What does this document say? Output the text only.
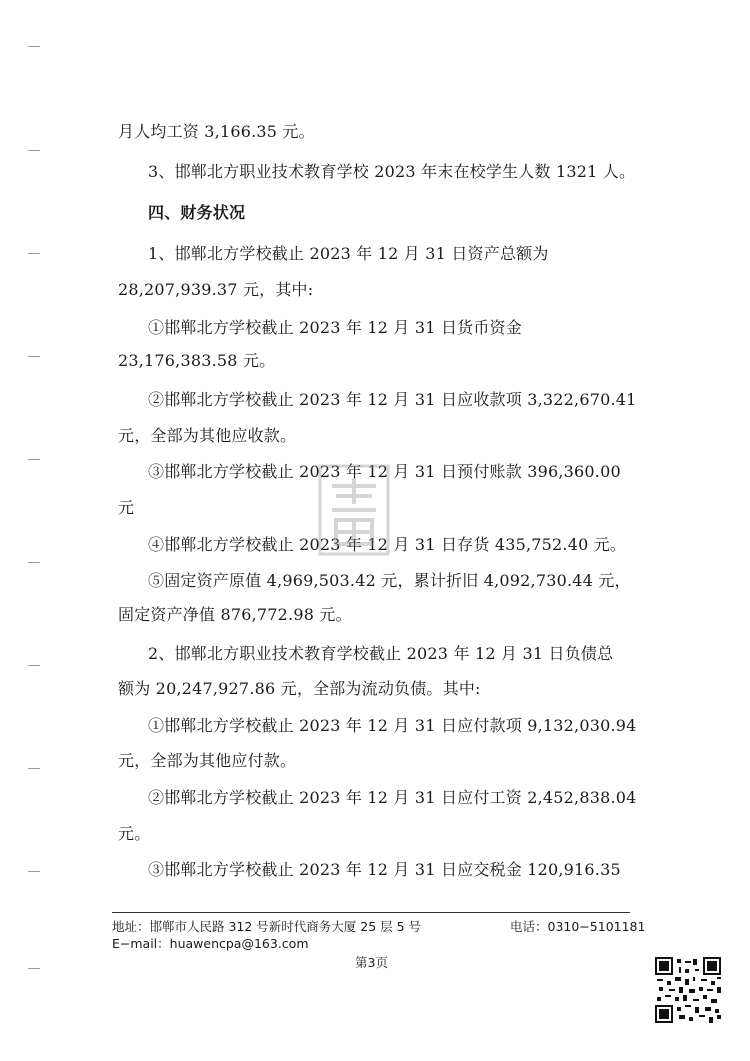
月人均工资 3,166.35 元。

3、邯郸北方职业技术教育学校 2023 年末在校学生人数 1321 人。

四、财务状况

1、邯郸北方学校截止 2023 年 12 月 31 日资产总额为

28,207,939.37 元，其中:

①邯郸北方学校截止 2023 年 12 月 31 日货币资金

23,176,383.58 元。

②邯郸北方学校截止 2023 年 12 月 31 日应收款项 3,322,670.41

元，全部为其他应收款。

③邯郸北方学校截止 2023 年 12 月 31 日预付账款 396,360.00

元

④邯郸北方学校截止 2023 年 12 月 31 日存货 435,752.40 元。

⑤固定资产原值 4,969,503.42 元，累计折旧 4,092,730.44 元，

固定资产净值 876,772.98 元。

2、邯郸北方职业技术教育学校截止 2023 年 12 月 31 日负债总

额为 20,247,927.86 元，全部为流动负债。其中:

①邯郸北方学校截止 2023 年 12 月 31 日应付款项 9,132,030.94

元，全部为其他应付款。

②邯郸北方学校截止 2023 年 12 月 31 日应付工资 2,452,838.04

元。

③邯郸北方学校截止 2023 年 12 月 31 日应交税金 120,916.35

地址：邯郸市人民路 312 号新时代商务大厦 25 层 5 号	电话：0310−5101181
E−mail：huawencpa@163.com
第3页
